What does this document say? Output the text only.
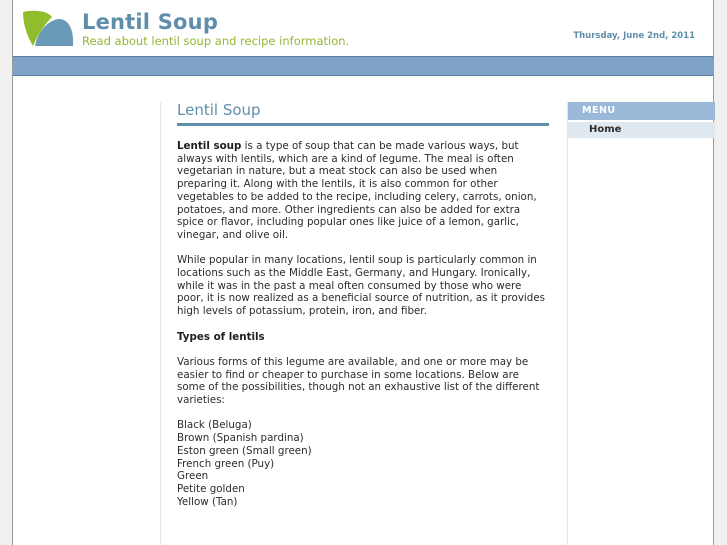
Lentil Soup
Read about lentil soup and recipe information.	Thursday, June 2nd, 2011
Lentil Soup

Lentil soup is a type of soup that can be made various ways, but always with lentils, which are a kind of legume. The meal is often vegetarian in nature, but a meat stock can also be used when preparing it. Along with the lentils, it is also common for other vegetables to be added to the recipe, including celery, carrots, onion, potatoes, and more. Other ingredients can also be added for extra spice or flavor, including popular ones like juice of a lemon, garlic, vinegar, and olive oil.

While popular in many locations, lentil soup is particularly common in locations such as the Middle East, Germany, and Hungary. Ironically, while it was in the past a meal often consumed by those who were poor, it is now realized as a beneficial source of nutrition, as it provides high levels of potassium, protein, iron, and fiber.

Types of lentils

Various forms of this legume are available, and one or more may be easier to find or cheaper to purchase in some locations. Below are some of the possibilities, though not an exhaustive list of the different varieties:

Black (Beluga)
Brown (Spanish pardina)
Eston green (Small green)
French green (Puy)
Green
Petite golden
Yellow (Tan)
MENU
Home
